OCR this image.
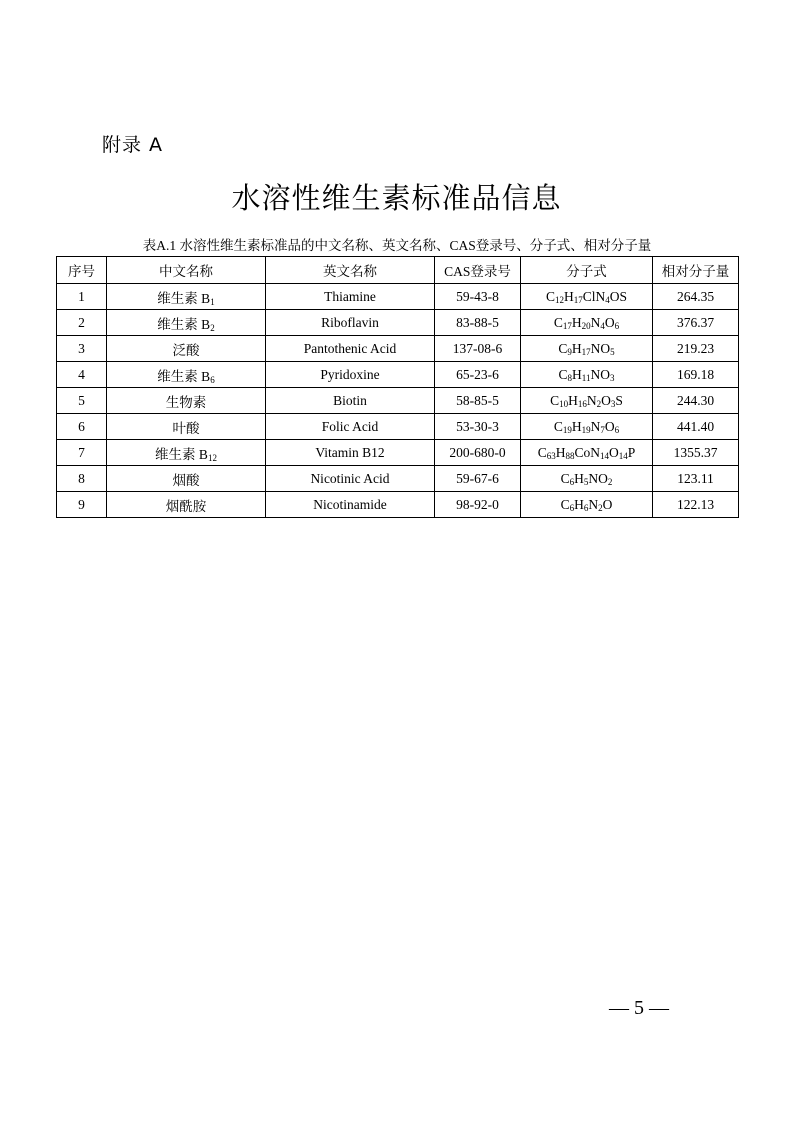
附录 A
水溶性维生素标准品信息
表A.1 水溶性维生素标准品的中文名称、英文名称、CAS登录号、分子式、相对分子量
序号	中文名称	英文名称	CAS登录号	分子式	相对分子量
1	维生素 $B_1$	Thiamine	59-43-8	$C_{12}H_{17}ClN_4OS$	264.35
2	维生素 $B_2$	Riboflavin	83-88-5	$C_{17}H_{20}N_4O_6$	376.37
3	泛酸	Pantothenic Acid	137-08-6	$C_9H_{17}NO_5$	219.23
4	维生素 $B_6$	Pyridoxine	65-23-6	$C_8H_{11}NO_3$	169.18
5	生物素	Biotin	58-85-5	$C_{10}H_{16}N_2O_3S$	244.30
6	叶酸	Folic Acid	53-30-3	$C_{19}H_{19}N_7O_6$	441.40
7	维生素 $B_{12}$	Vitamin B12	200-680-0	$C_{63}H_{88}CoN_{14}O_{14}P$	1355.37
8	烟酸	Nicotinic Acid	59-67-6	$C_6H_5NO_2$	123.11
9	烟酰胺	Nicotinamide	98-92-0	$C_6H_6N_2O$	122.13
— 5 —
